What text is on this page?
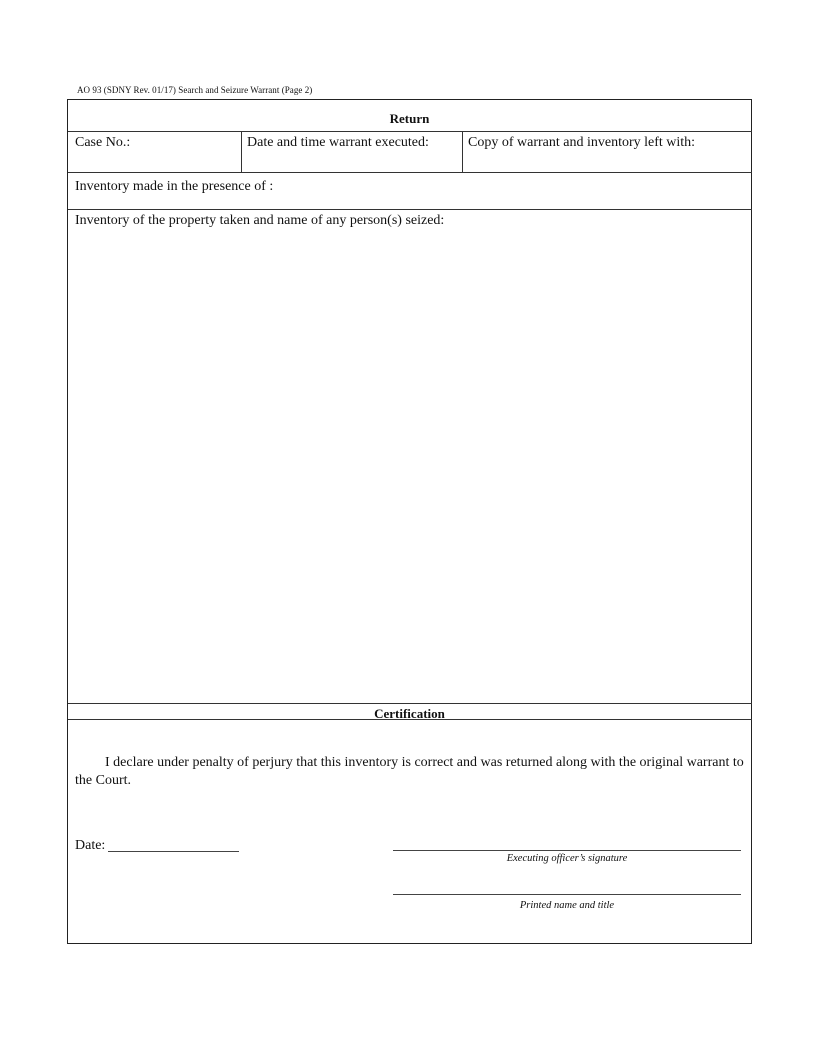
AO 93 (SDNY Rev. 01/17) Search and Seizure Warrant (Page 2)
Return
Case No.:	Date and time warrant executed:	Copy of warrant and inventory left with:
Inventory made in the presence of :
Inventory of the property taken and name of any person(s) seized:
Certification
I declare under penalty of perjury that this inventory is correct and was returned along with the original warrant to the Court.
Date:
Executing officer’s signature
Printed name and title
